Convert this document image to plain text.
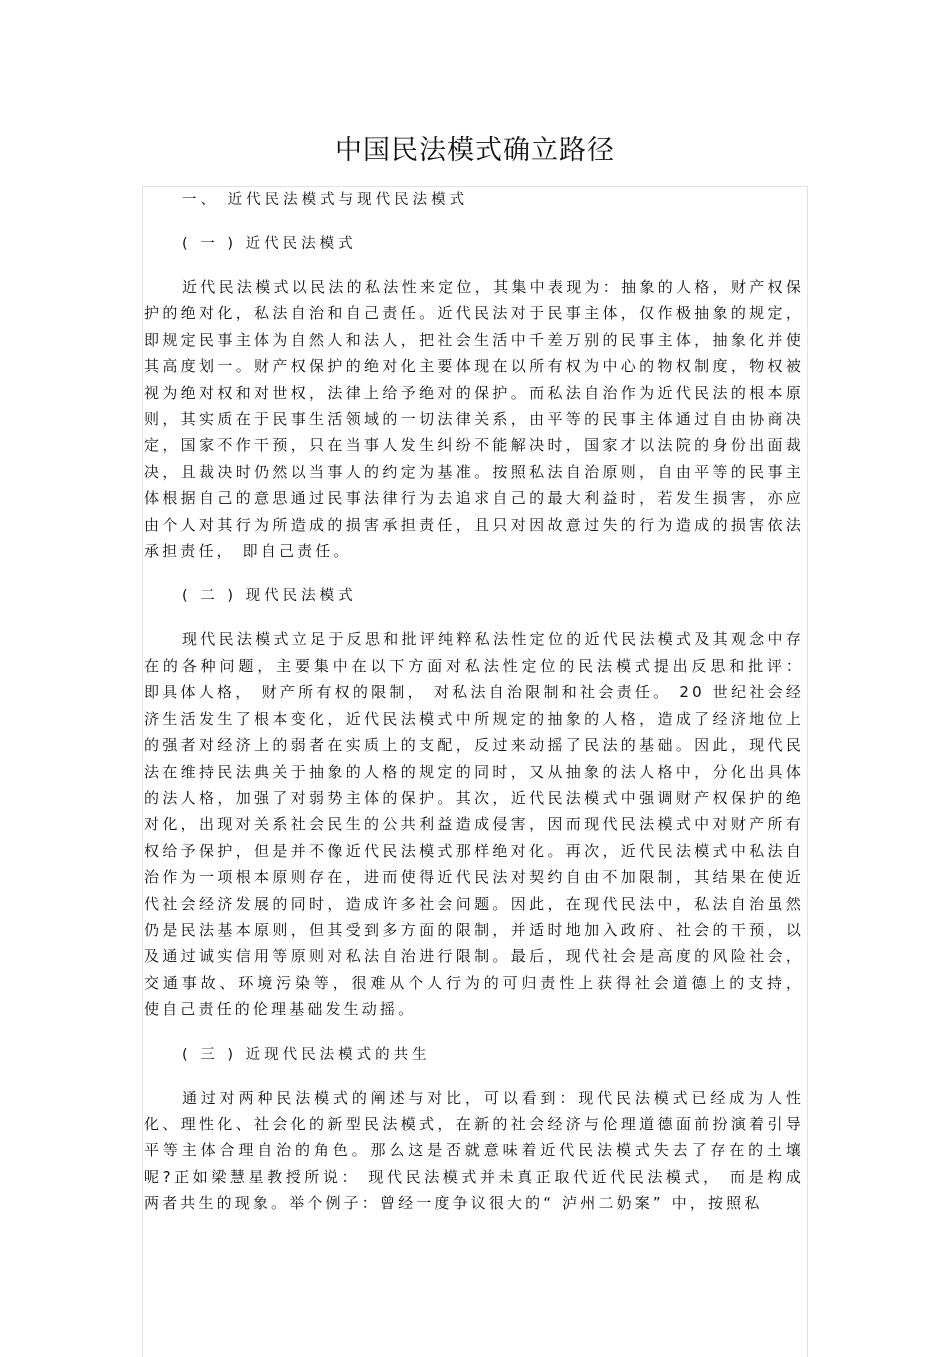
中国民法模式确立路径
一、 近代民法模式与现代民法模式
( 一 ) 近代民法模式

近代民法模式以民法的私法性来定位，其集中表现为：抽象的人格，财产权保护的绝对化，私法自治和自己责任。近代民法对于民事主体，仅作极抽象的规定，即规定民事主体为自然人和法人，把社会生活中千差万别的民事主体，抽象化并使其高度划一。财产权保护的绝对化主要体现在以所有权为中心的物权制度，物权被视为绝对权和对世权，法律上给予绝对的保护。而私法自治作为近代民法的根本原则，其实质在于民事生活领域的一切法律关系，由平等的民事主体通过自由协商决定，国家不作干预，只在当事人发生纠纷不能解决时，国家才以法院的身份出面裁决，且裁决时仍然以当事人的约定为基准。按照私法自治原则，自由平等的民事主体根据自己的意思通过民事法律行为去追求自己的最大利益时，若发生损害，亦应由个人对其行为所造成的损害承担责任，且只对因故意过失的行为造成的损害依法承担责任， 即自己责任。

( 二 ) 现代民法模式

现代民法模式立足于反思和批评纯粹私法性定位的近代民法模式及其观念中存在的各种问题，主要集中在以下方面对私法性定位的民法模式提出反思和批评： 即具体人格， 财产所有权的限制， 对私法自治限制和社会责任。 20 世纪社会经济生活发生了根本变化，近代民法模式中所规定的抽象的人格，造成了经济地位上的强者对经济上的弱者在实质上的支配，反过来动摇了民法的基础。因此，现代民法在维持民法典关于抽象的人格的规定的同时，又从抽象的法人格中，分化出具体的法人格，加强了对弱势主体的保护。其次，近代民法模式中强调财产权保护的绝对化，出现对关系社会民生的公共利益造成侵害，因而现代民法模式中对财产所有权给予保护，但是并不像近代民法模式那样绝对化。再次，近代民法模式中私法自治作为一项根本原则存在，进而使得近代民法对契约自由不加限制，其结果在使近代社会经济发展的同时，造成许多社会问题。因此，在现代民法中，私法自治虽然仍是民法基本原则，但其受到多方面的限制，并适时地加入政府、社会的干预，以及通过诚实信用等原则对私法自治进行限制。最后，现代社会是高度的风险社会，交通事故、环境污染等，很难从个人行为的可归责性上获得社会道德上的支持， 使自己责任的伦理基础发生动摇。

( 三 ) 近现代民法模式的共生

通过对两种民法模式的阐述与对比，可以看到：现代民法模式已经成为人性化、理性化、社会化的新型民法模式，在新的社会经济与伦理道德面前扮演着引导平等主体合理自治的角色。那么这是否就意味着近代民法模式失去了存在的土壤呢?正如梁慧星教授所说： 现代民法模式并未真正取代近代民法模式， 而是构成两者共生的现象。举个例子：曾经一度争议很大的“ 泸州二奶案” 中，按照私
